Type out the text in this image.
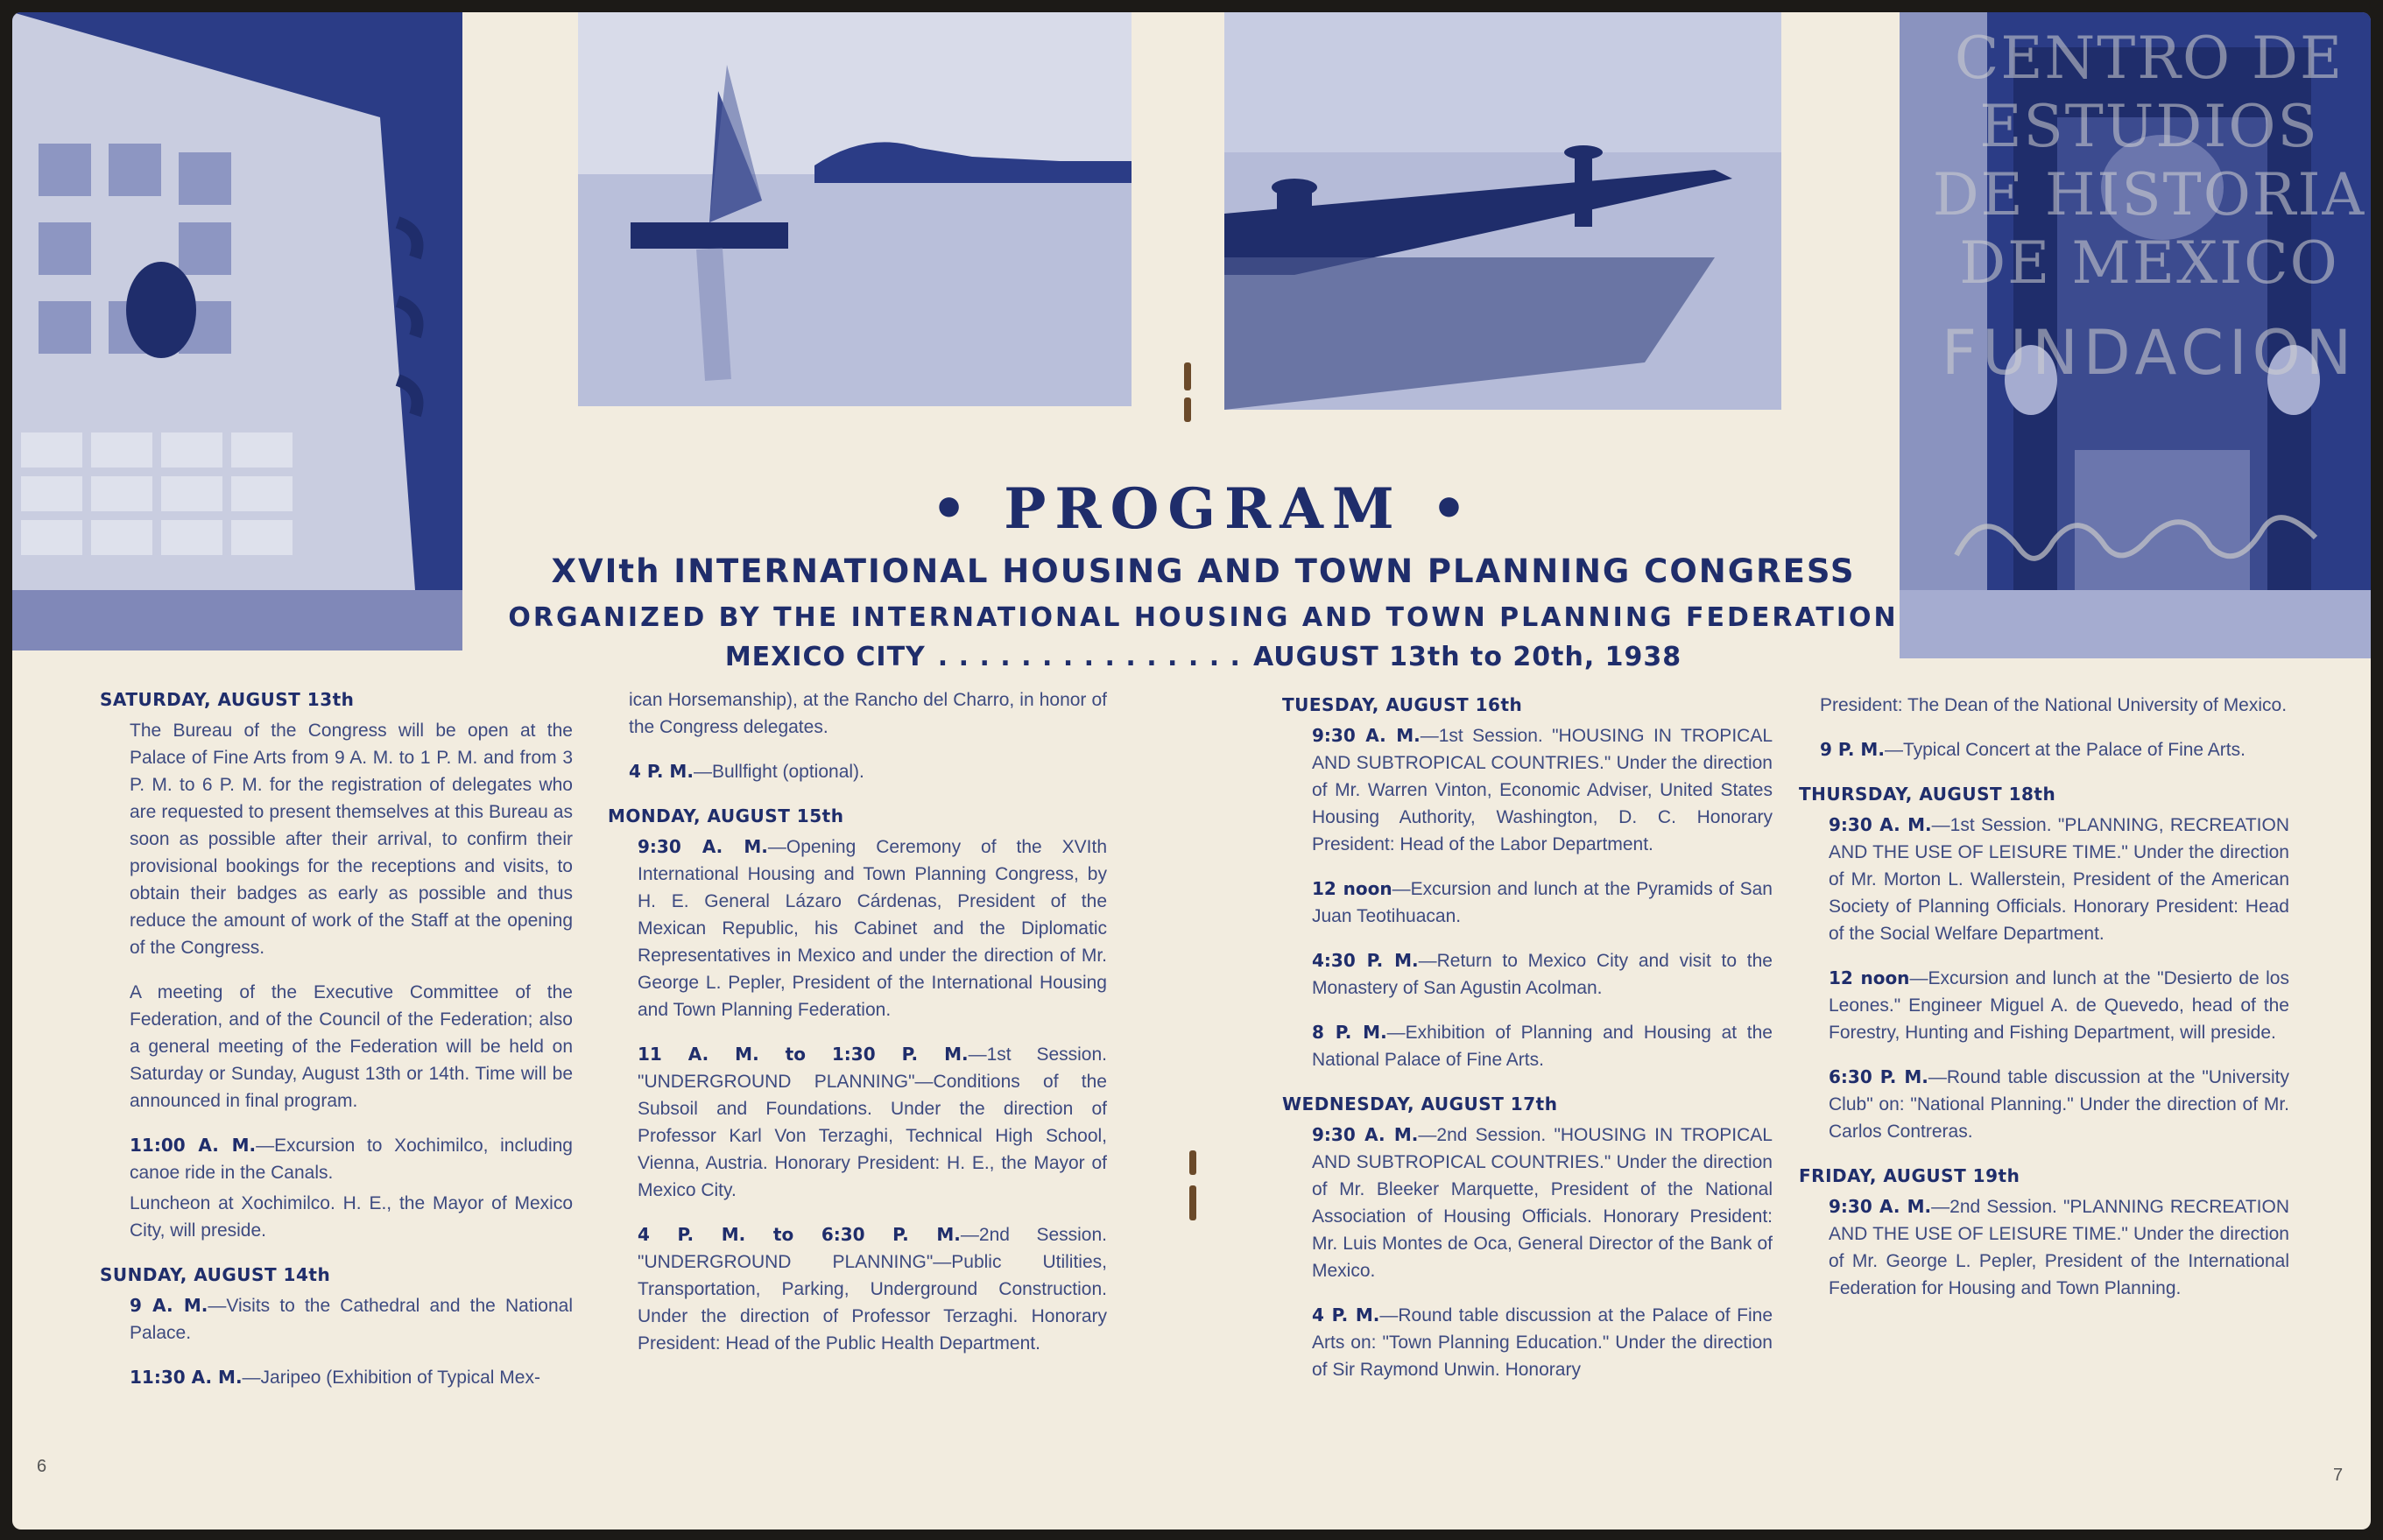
CENTRO DE
ESTUDIOS
DE HISTORIA
DE MEXICO
FUNDACION
• PROGRAM •
XVIth INTERNATIONAL HOUSING AND TOWN PLANNING CONGRESS
ORGANIZED BY THE INTERNATIONAL HOUSING AND TOWN PLANNING FEDERATION
MEXICO CITY . . . . . . . . . . . . . . . AUGUST 13th to 20th, 1938
SATURDAY, AUGUST 13th
The Bureau of the Congress will be open at the Palace of Fine Arts from 9 A. M. to 1 P. M. and from 3 P. M. to 6 P. M. for the registration of delegates who are requested to present themselves at this Bureau as soon as possible after their arrival, to confirm their provisional bookings for the receptions and visits, to obtain their badges as early as possible and thus reduce the amount of work of the Staff at the opening of the Congress.
A meeting of the Executive Committee of the Federation, and of the Council of the Federation; also a general meeting of the Federation will be held on Saturday or Sunday, August 13th or 14th. Time will be announced in final program.
11:00 A. M.—Excursion to Xochimilco, including canoe ride in the Canals.
Luncheon at Xochimilco. H. E., the Mayor of Mexico City, will preside.
SUNDAY, AUGUST 14th
9 A. M.—Visits to the Cathedral and the National Palace.
11:30 A. M.—Jaripeo (Exhibition of Typical Mex-
ican Horsemanship), at the Rancho del Charro, in honor of the Congress delegates.
4 P. M.—Bullfight (optional).
MONDAY, AUGUST 15th
9:30 A. M.—Opening Ceremony of the XVIth International Housing and Town Planning Congress, by H. E. General Lázaro Cárdenas, President of the Mexican Republic, his Cabinet and the Diplomatic Representatives in Mexico and under the direction of Mr. George L. Pepler, President of the International Housing and Town Planning Federation.
11 A. M. to 1:30 P. M.—1st Session. "UNDERGROUND PLANNING"—Conditions of the Subsoil and Foundations. Under the direction of Professor Karl Von Terzaghi, Technical High School, Vienna, Austria. Honorary President: H. E., the Mayor of Mexico City.
4 P. M. to 6:30 P. M.—2nd Session. "UNDERGROUND PLANNING"—Public Utilities, Transportation, Parking, Underground Construction. Under the direction of Professor Terzaghi. Honorary President: Head of the Public Health Department.
TUESDAY, AUGUST 16th
9:30 A. M.—1st Session. "HOUSING IN TROPICAL AND SUBTROPICAL COUNTRIES." Under the direction of Mr. Warren Vinton, Economic Adviser, United States Housing Authority, Washington, D. C. Honorary President: Head of the Labor Department.
12 noon—Excursion and lunch at the Pyramids of San Juan Teotihuacan.
4:30 P. M.—Return to Mexico City and visit to the Monastery of San Agustin Acolman.
8 P. M.—Exhibition of Planning and Housing at the National Palace of Fine Arts.
WEDNESDAY, AUGUST 17th
9:30 A. M.—2nd Session. "HOUSING IN TROPICAL AND SUBTROPICAL COUNTRIES." Under the direction of Mr. Bleeker Marquette, President of the National Association of Housing Officials. Honorary President: Mr. Luis Montes de Oca, General Director of the Bank of Mexico.
4 P. M.—Round table discussion at the Palace of Fine Arts on: "Town Planning Education." Under the direction of Sir Raymond Unwin. Honorary
President: The Dean of the National University of Mexico.
9 P. M.—Typical Concert at the Palace of Fine Arts.
THURSDAY, AUGUST 18th
9:30 A. M.—1st Session. "PLANNING, RECREATION AND THE USE OF LEISURE TIME." Under the direction of Mr. Morton L. Wallerstein, President of the American Society of Planning Officials. Honorary President: Head of the Social Welfare Department.
12 noon—Excursion and lunch at the "Desierto de los Leones." Engineer Miguel A. de Quevedo, head of the Forestry, Hunting and Fishing Department, will preside.
6:30 P. M.—Round table discussion at the "University Club" on: "National Planning." Under the direction of Mr. Carlos Contreras.
FRIDAY, AUGUST 19th
9:30 A. M.—2nd Session. "PLANNING RECREATION AND THE USE OF LEISURE TIME." Under the direction of Mr. George L. Pepler, President of the International Federation for Housing and Town Planning.
6	7
